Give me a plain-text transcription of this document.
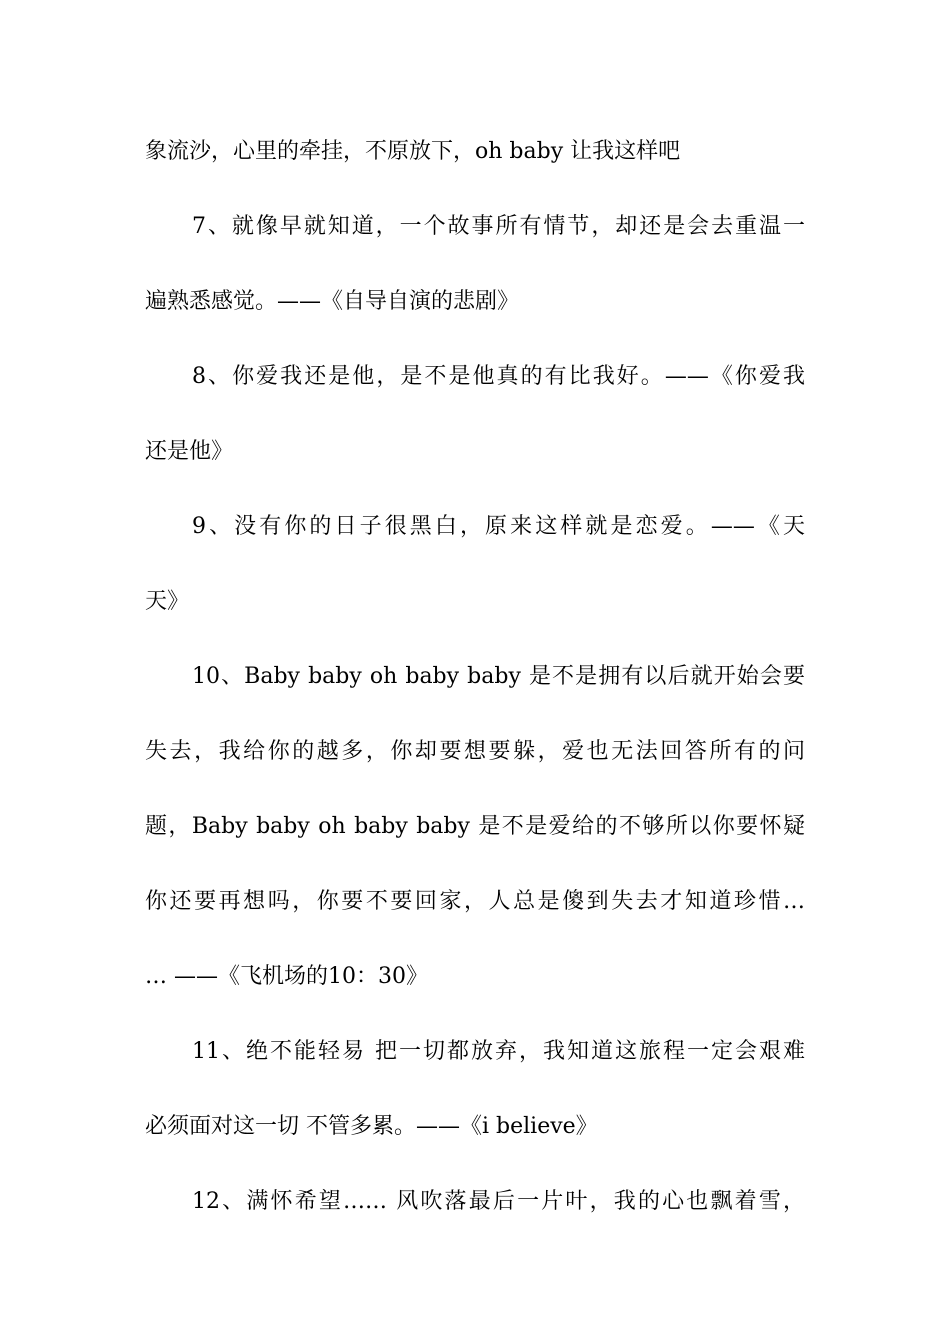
象流沙，心里的牵挂，不原放下，oh baby 让我这样吧
7、就像早就知道，一个故事所有情节，却还是会去重温一
遍熟悉感觉。——《自导自演的悲剧》
8、你爱我还是他，是不是他真的有比我好。——《你爱我
还是他》
9、没有你的日子很黑白，原来这样就是恋爱。——《天
天》
10、Baby baby oh baby baby 是不是拥有以后就开始会要
失去，我给你的越多，你却要想要躲，爱也无法回答所有的问
题，Baby baby oh baby baby 是不是爱给的不够所以你要怀疑
你还要再想吗，你要不要回家，人总是傻到失去才知道珍惜…
… ——《飞机场的10：30》
11、绝不能轻易 把一切都放弃，我知道这旅程一定会艰难
必须面对这一切 不管多累。——《i believe》
12、满怀希望…… 风吹落最后一片叶，我的心也飘着雪，
